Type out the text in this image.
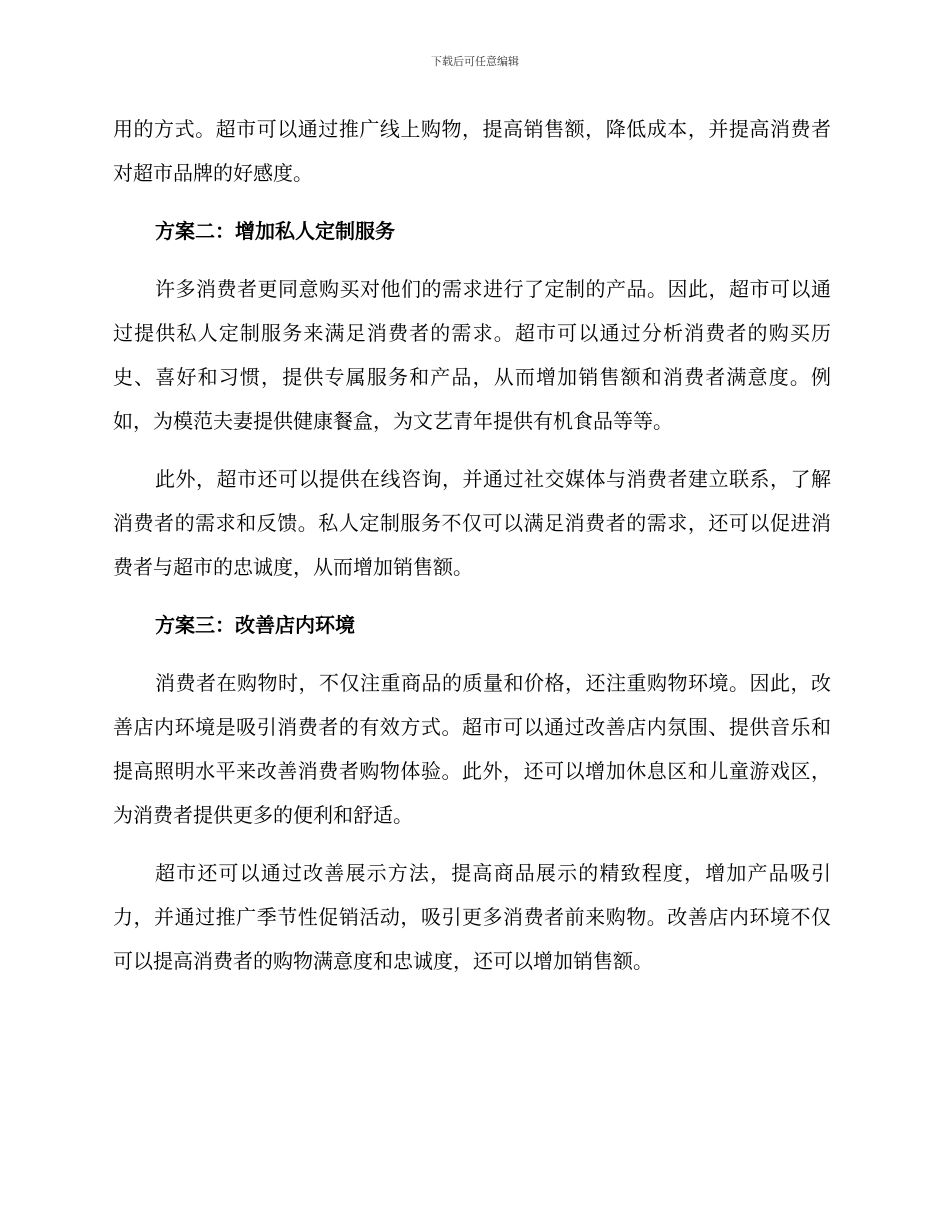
下载后可任意编辑

用的方式。超市可以通过推广线上购物，提高销售额，降低成本，并提高消费者对超市品牌的好感度。

方案二：增加私人定制服务

许多消费者更同意购买对他们的需求进行了定制的产品。因此，超市可以通过提供私人定制服务来满足消费者的需求。超市可以通过分析消费者的购买历史、喜好和习惯，提供专属服务和产品，从而增加销售额和消费者满意度。例如，为模范夫妻提供健康餐盒，为文艺青年提供有机食品等等。

此外，超市还可以提供在线咨询，并通过社交媒体与消费者建立联系，了解消费者的需求和反馈。私人定制服务不仅可以满足消费者的需求，还可以促进消费者与超市的忠诚度，从而增加销售额。

方案三：改善店内环境

消费者在购物时，不仅注重商品的质量和价格，还注重购物环境。因此，改善店内环境是吸引消费者的有效方式。超市可以通过改善店内氛围、提供音乐和提高照明水平来改善消费者购物体验。此外，还可以增加休息区和儿童游戏区，为消费者提供更多的便利和舒适。

超市还可以通过改善展示方法，提高商品展示的精致程度，增加产品吸引力，并通过推广季节性促销活动，吸引更多消费者前来购物。改善店内环境不仅可以提高消费者的购物满意度和忠诚度，还可以增加销售额。
